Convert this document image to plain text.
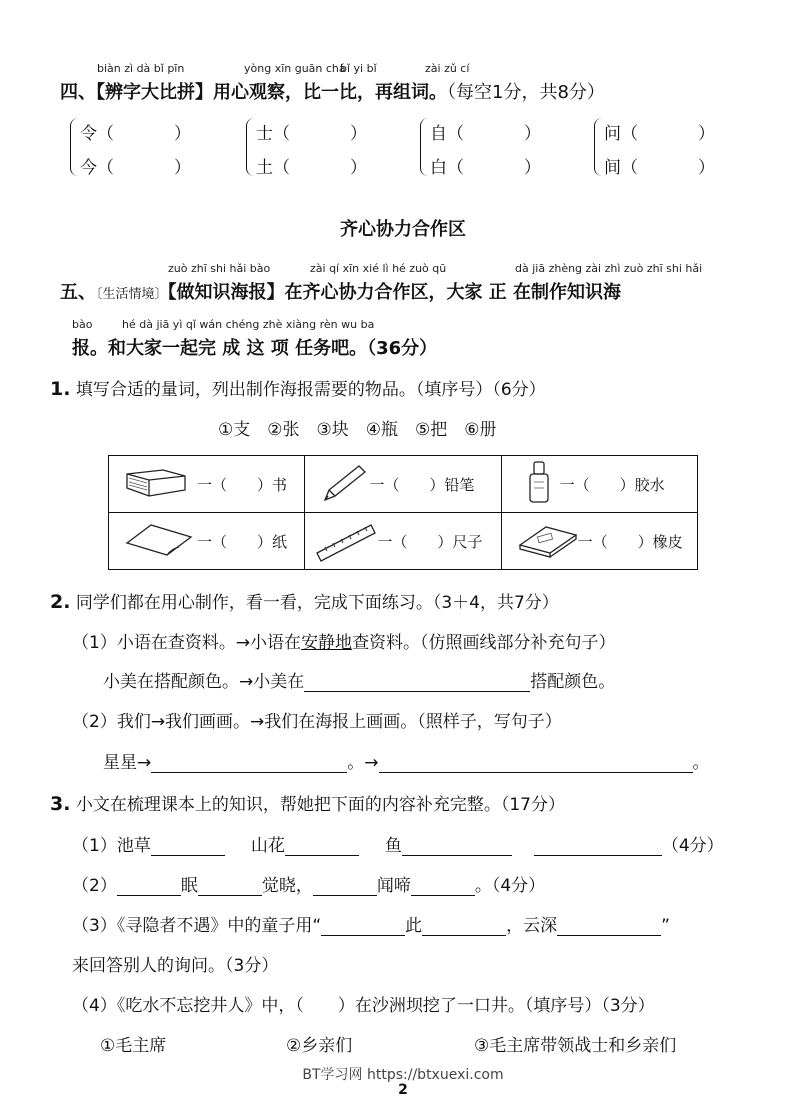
biàn zì dà bǐ pīn	yòng xīn guān chá
bǐ yi bǐ	zài zǔ cí
四、【辨字大比拼】用心观察，比一比，再组词。（每空1分，共8分）
令（	）
今（	）
士（	）
土（	）
自（	）
白（	）
问（	）
间（	）
齐心协力合作区
zuò zhī shi hǎi bào	zài qí xīn xié lì hé zuò qū	dà jiā zhèng zài zhì zuò zhī shi hǎi
五、〔生活情境〕【做知识海报】在齐心协力合作区，大家 正 在制作知识海
bào	hé dà jiā yì qǐ wán chéng zhè xiàng rèn wu ba
报。和大家一起完 成 这 项 任务吧。（36分）
1. 填写合适的量词，列出制作海报需要的物品。（填序号）（6分）
①支　②张　③块　④瓶　⑤把　⑥册
一（　　）书	一（　　）铅笔	一（　　）胶水

一（　　）纸	一（　　）尺子	一（　　）橡皮
2. 同学们都在用心制作，看一看，完成下面练习。（3＋4，共7分）
（1）小语在查资料。→小语在安静地查资料。（仿照画线部分补充句子）
小美在搭配颜色。→小美在	搭配颜色。
（2）我们→我们画画。→我们在海报上画画。（照样子，写句子）
星星→	。→	。
3. 小文在梳理课本上的知识，帮她把下面的内容补充完整。（17分）
（1）池草	山花	鱼	（4分）
（2）	眠	觉晓，	闻啼	。（4分）
（3）《寻隐者不遇》中的童子用“	此	，云深	”
来回答别人的询问。（3分）
（4）《吃水不忘挖井人》中，（　　）在沙洲坝挖了一口井。（填序号）（3分）
①毛主席	②乡亲们	③毛主席带领战士和乡亲们
BT学习网 https://btxuexi.com
2
